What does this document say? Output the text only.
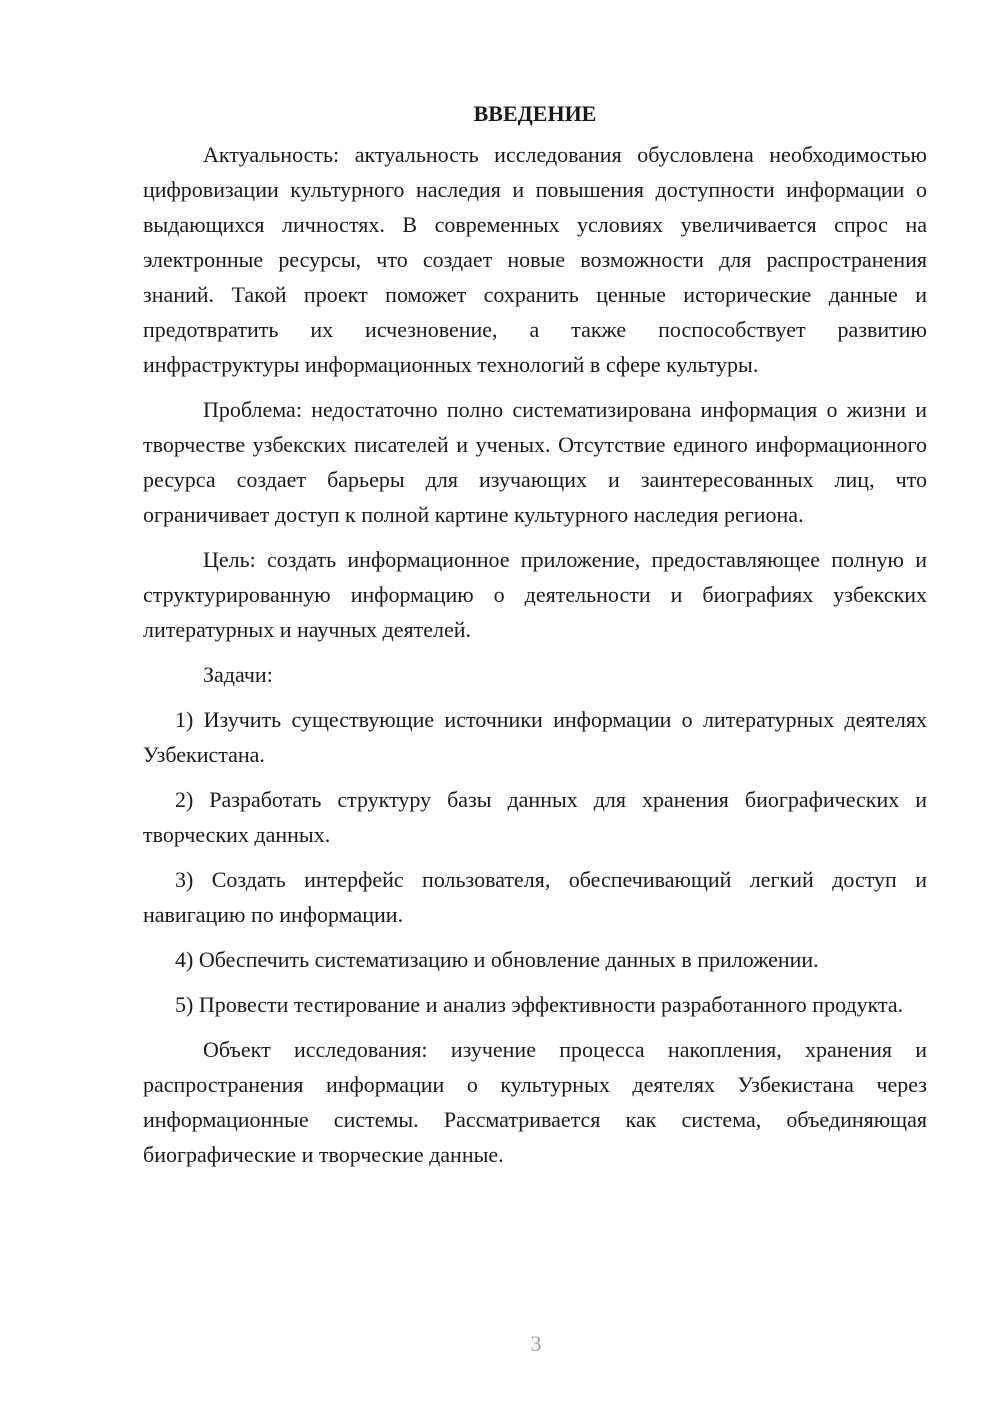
ВВЕДЕНИЕ

Актуальность: актуальность исследования обусловлена необходимостью цифровизации культурного наследия и повышения доступности информации о выдающихся личностях. В современных условиях увеличивается спрос на электронные ресурсы, что создает новые возможности для распространения знаний. Такой проект поможет сохранить ценные исторические данные и предотвратить их исчезновение, а также поспособствует развитию инфраструктуры информационных технологий в сфере культуры.

Проблема: недостаточно полно систематизирована информация о жизни и творчестве узбекских писателей и ученых. Отсутствие единого информационного ресурса создает барьеры для изучающих и заинтересованных лиц, что ограничивает доступ к полной картине культурного наследия региона.

Цель: создать информационное приложение, предоставляющее полную и структурированную информацию о деятельности и биографиях узбекских литературных и научных деятелей.

Задачи:

1) Изучить существующие источники информации о литературных деятелях Узбекистана.

2) Разработать структуру базы данных для хранения биографических и творческих данных.

3) Создать интерфейс пользователя, обеспечивающий легкий доступ и навигацию по информации.

4) Обеспечить систематизацию и обновление данных в приложении.

5) Провести тестирование и анализ эффективности разработанного продукта.

Объект исследования: изучение процесса накопления, хранения и распространения информации о культурных деятелях Узбекистана через информационные системы. Рассматривается как система, объединяющая биографические и творческие данные.

3
